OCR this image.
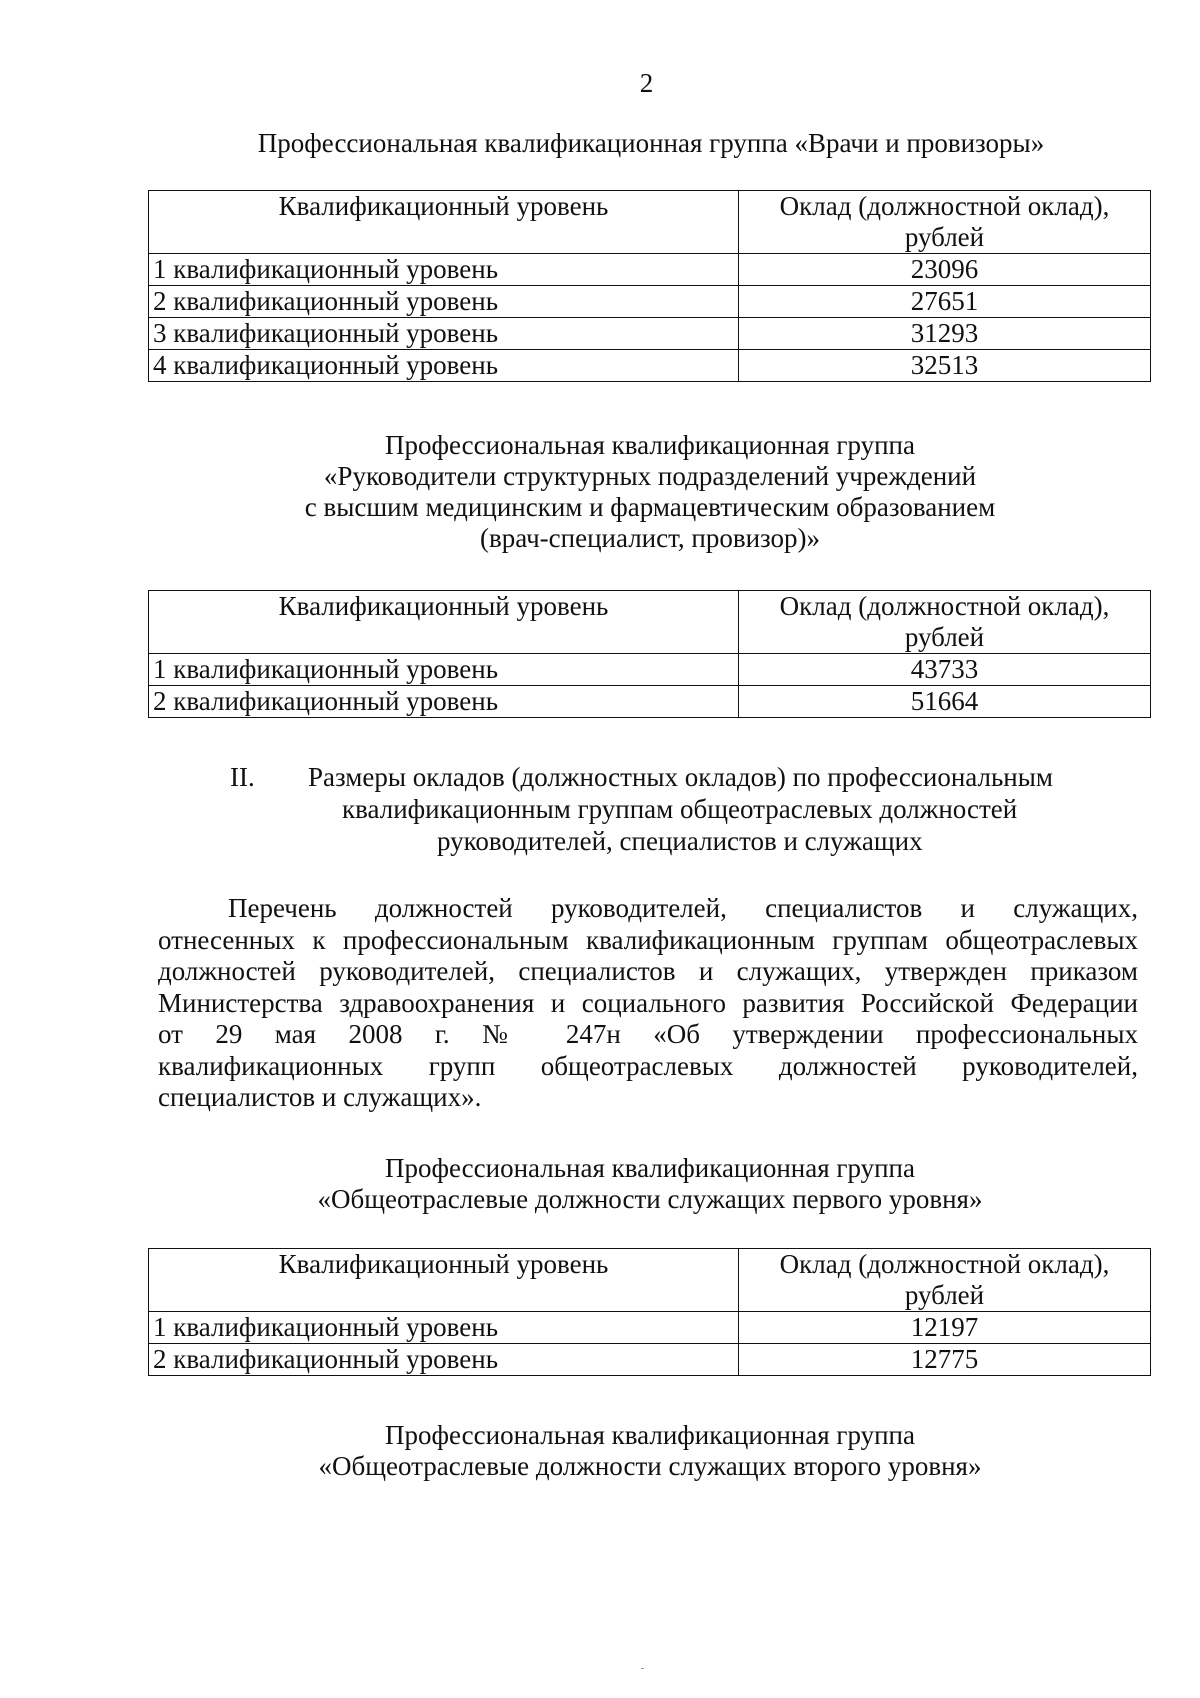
2
Профессиональная квалификационная группа «Врачи и провизоры»
Квалификационный уровень	Оклад (должностной оклад),
рублей

1 квалификационный уровень	23096
2 квалификационный уровень	27651
3 квалификационный уровень	31293
4 квалификационный уровень	32513
Профессиональная квалификационная группа
«Руководители структурных подразделений учреждений
с высшим медицинским и фармацевтическим образованием
(врач-специалист, провизор)»
Квалификационный уровень	Оклад (должностной оклад),
рублей

1 квалификационный уровень	43733
2 квалификационный уровень	51664
II. Размеры окладов (должностных окладов) по профессиональным
квалификационным группам общеотраслевых должностей
руководителей, специалистов и служащих
Перечень должностей руководителей, специалистов и служащих,
отнесенных к профессиональным квалификационным группам общеотраслевых
должностей руководителей, специалистов и служащих, утвержден приказом
Министерства здравоохранения и социального развития Российской Федерации
от 29 мая 2008 г. № 247н «Об утверждении профессиональных
квалификационных групп общеотраслевых должностей руководителей,
специалистов и служащих».
Профессиональная квалификационная группа
«Общеотраслевые должности служащих первого уровня»
Квалификационный уровень	Оклад (должностной оклад),
рублей

1 квалификационный уровень	12197
2 квалификационный уровень	12775
Профессиональная квалификационная группа
«Общеотраслевые должности служащих второго уровня»
